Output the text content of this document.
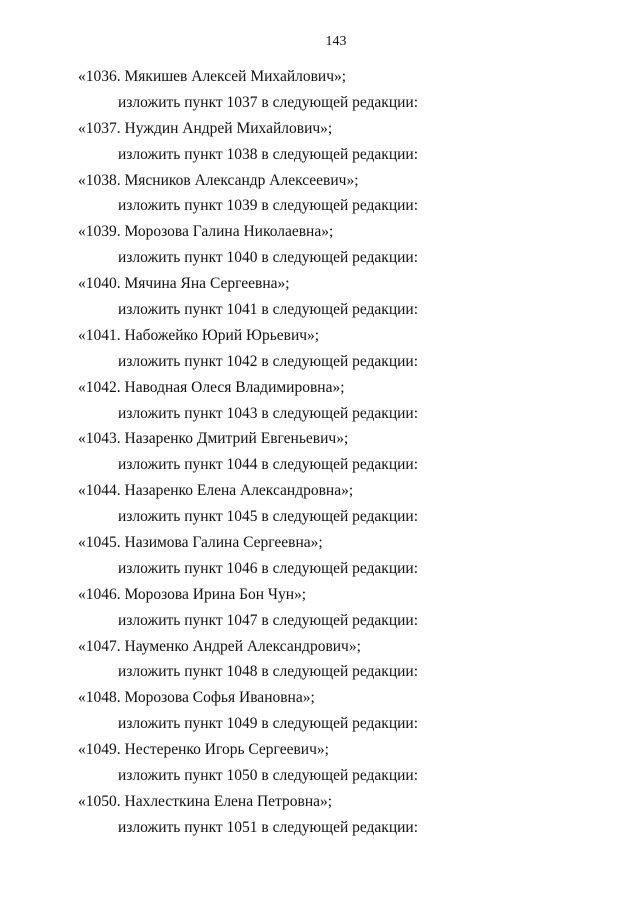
143
«1036. Мякишев Алексей Михайлович»;
изложить пункт 1037 в следующей редакции:
«1037. Нуждин Андрей Михайлович»;
изложить пункт 1038 в следующей редакции:
«1038. Мясников Александр Алексеевич»;
изложить пункт 1039 в следующей редакции:
«1039. Морозова Галина Николаевна»;
изложить пункт 1040 в следующей редакции:
«1040. Мячина Яна Сергеевна»;
изложить пункт 1041 в следующей редакции:
«1041. Набожейко Юрий Юрьевич»;
изложить пункт 1042 в следующей редакции:
«1042. Наводная Олеся Владимировна»;
изложить пункт 1043 в следующей редакции:
«1043. Назаренко Дмитрий Евгеньевич»;
изложить пункт 1044 в следующей редакции:
«1044. Назаренко Елена Александровна»;
изложить пункт 1045 в следующей редакции:
«1045. Назимова Галина Сергеевна»;
изложить пункт 1046 в следующей редакции:
«1046. Морозова Ирина Бон Чун»;
изложить пункт 1047 в следующей редакции:
«1047. Науменко Андрей Александрович»;
изложить пункт 1048 в следующей редакции:
«1048. Морозова Софья Ивановна»;
изложить пункт 1049 в следующей редакции:
«1049. Нестеренко Игорь Сергеевич»;
изложить пункт 1050 в следующей редакции:
«1050. Нахлесткина Елена Петровна»;
изложить пункт 1051 в следующей редакции:
